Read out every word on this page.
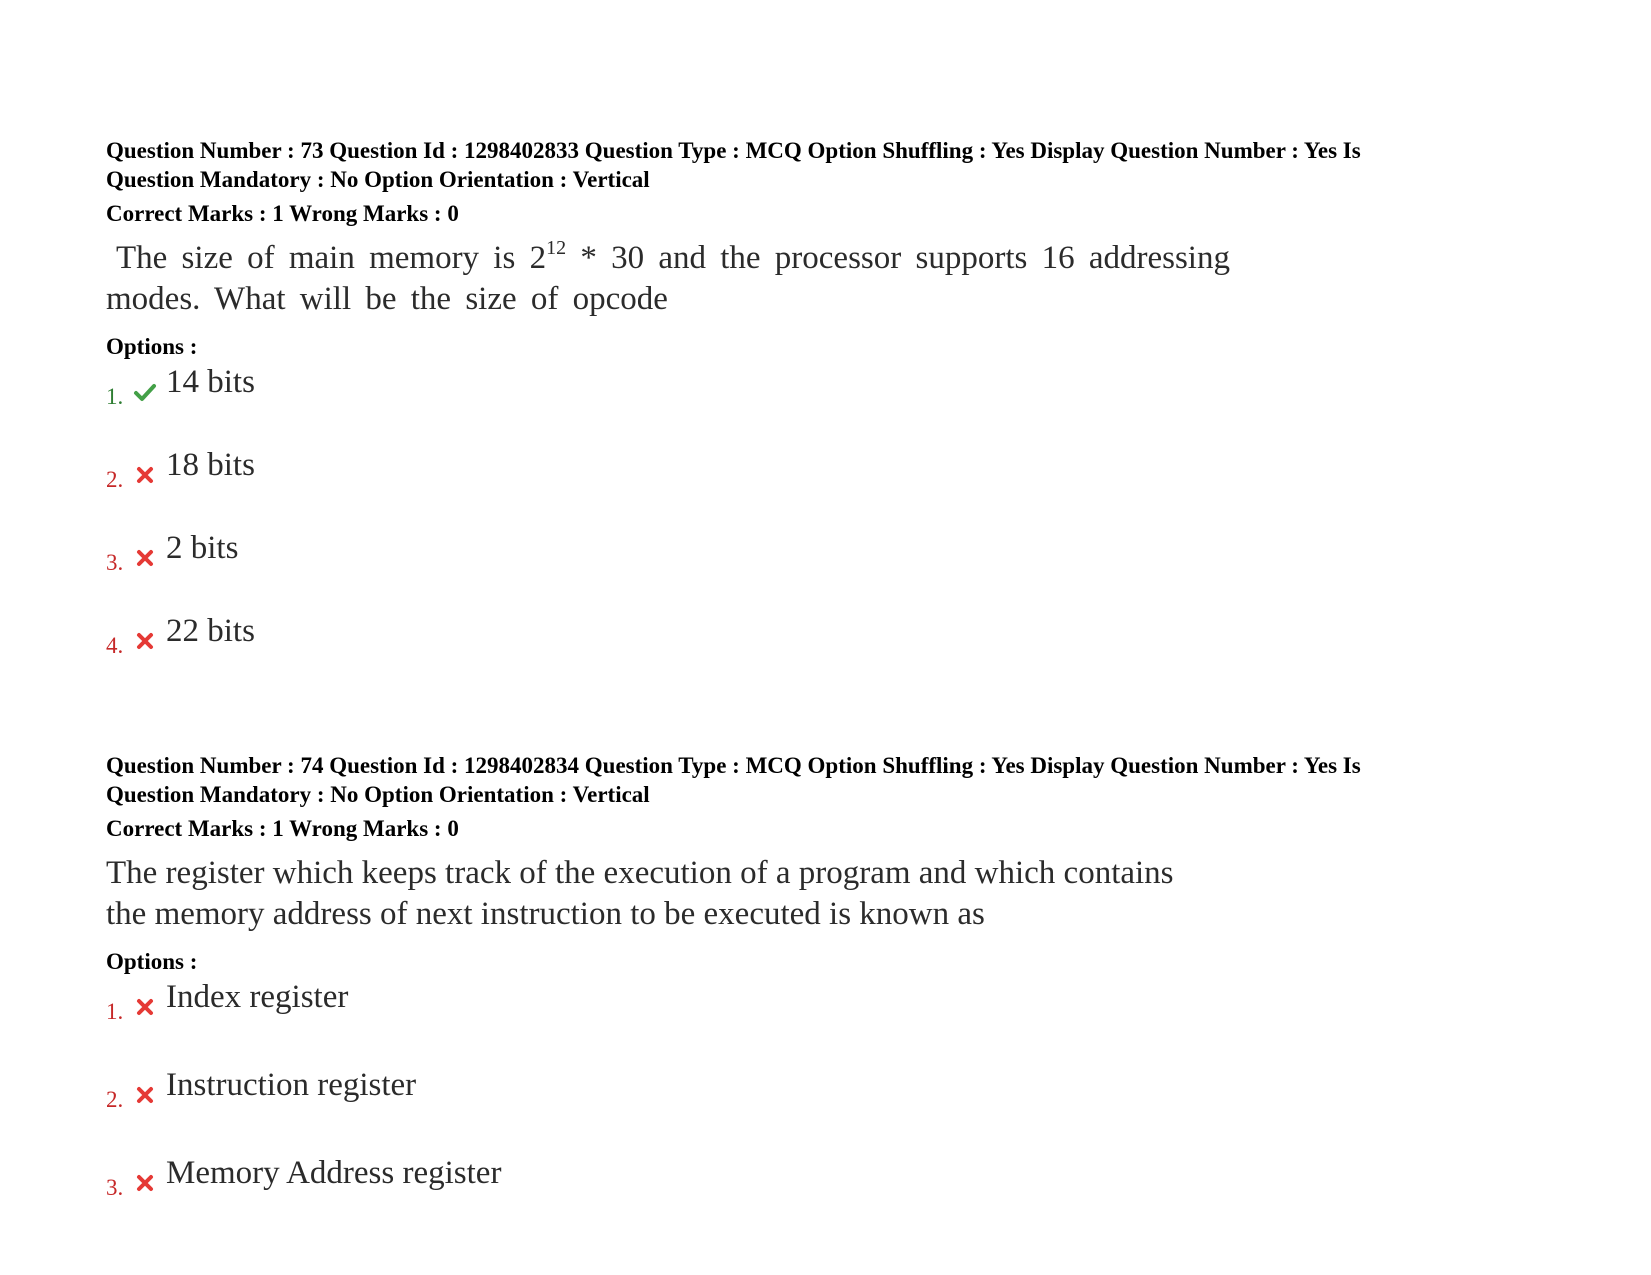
Question Number : 73 Question Id : 1298402833 Question Type : MCQ Option Shuffling : Yes Display Question Number : Yes Is
Question Mandatory : No Option Orientation : Vertical
Correct Marks : 1 Wrong Marks : 0
The size of main memory is $2^{12} * 30$ and the processor supports 16 addressing
modes. What will be the size of opcode
Options :
1. 14 bits
2. 18 bits
3. 2 bits
4. 22 bits
Question Number : 74 Question Id : 1298402834 Question Type : MCQ Option Shuffling : Yes Display Question Number : Yes Is
Question Mandatory : No Option Orientation : Vertical
Correct Marks : 1 Wrong Marks : 0
The register which keeps track of the execution of a program and which contains
the memory address of next instruction to be executed is known as
Options :
1. Index register
2. Instruction register
3. Memory Address register
